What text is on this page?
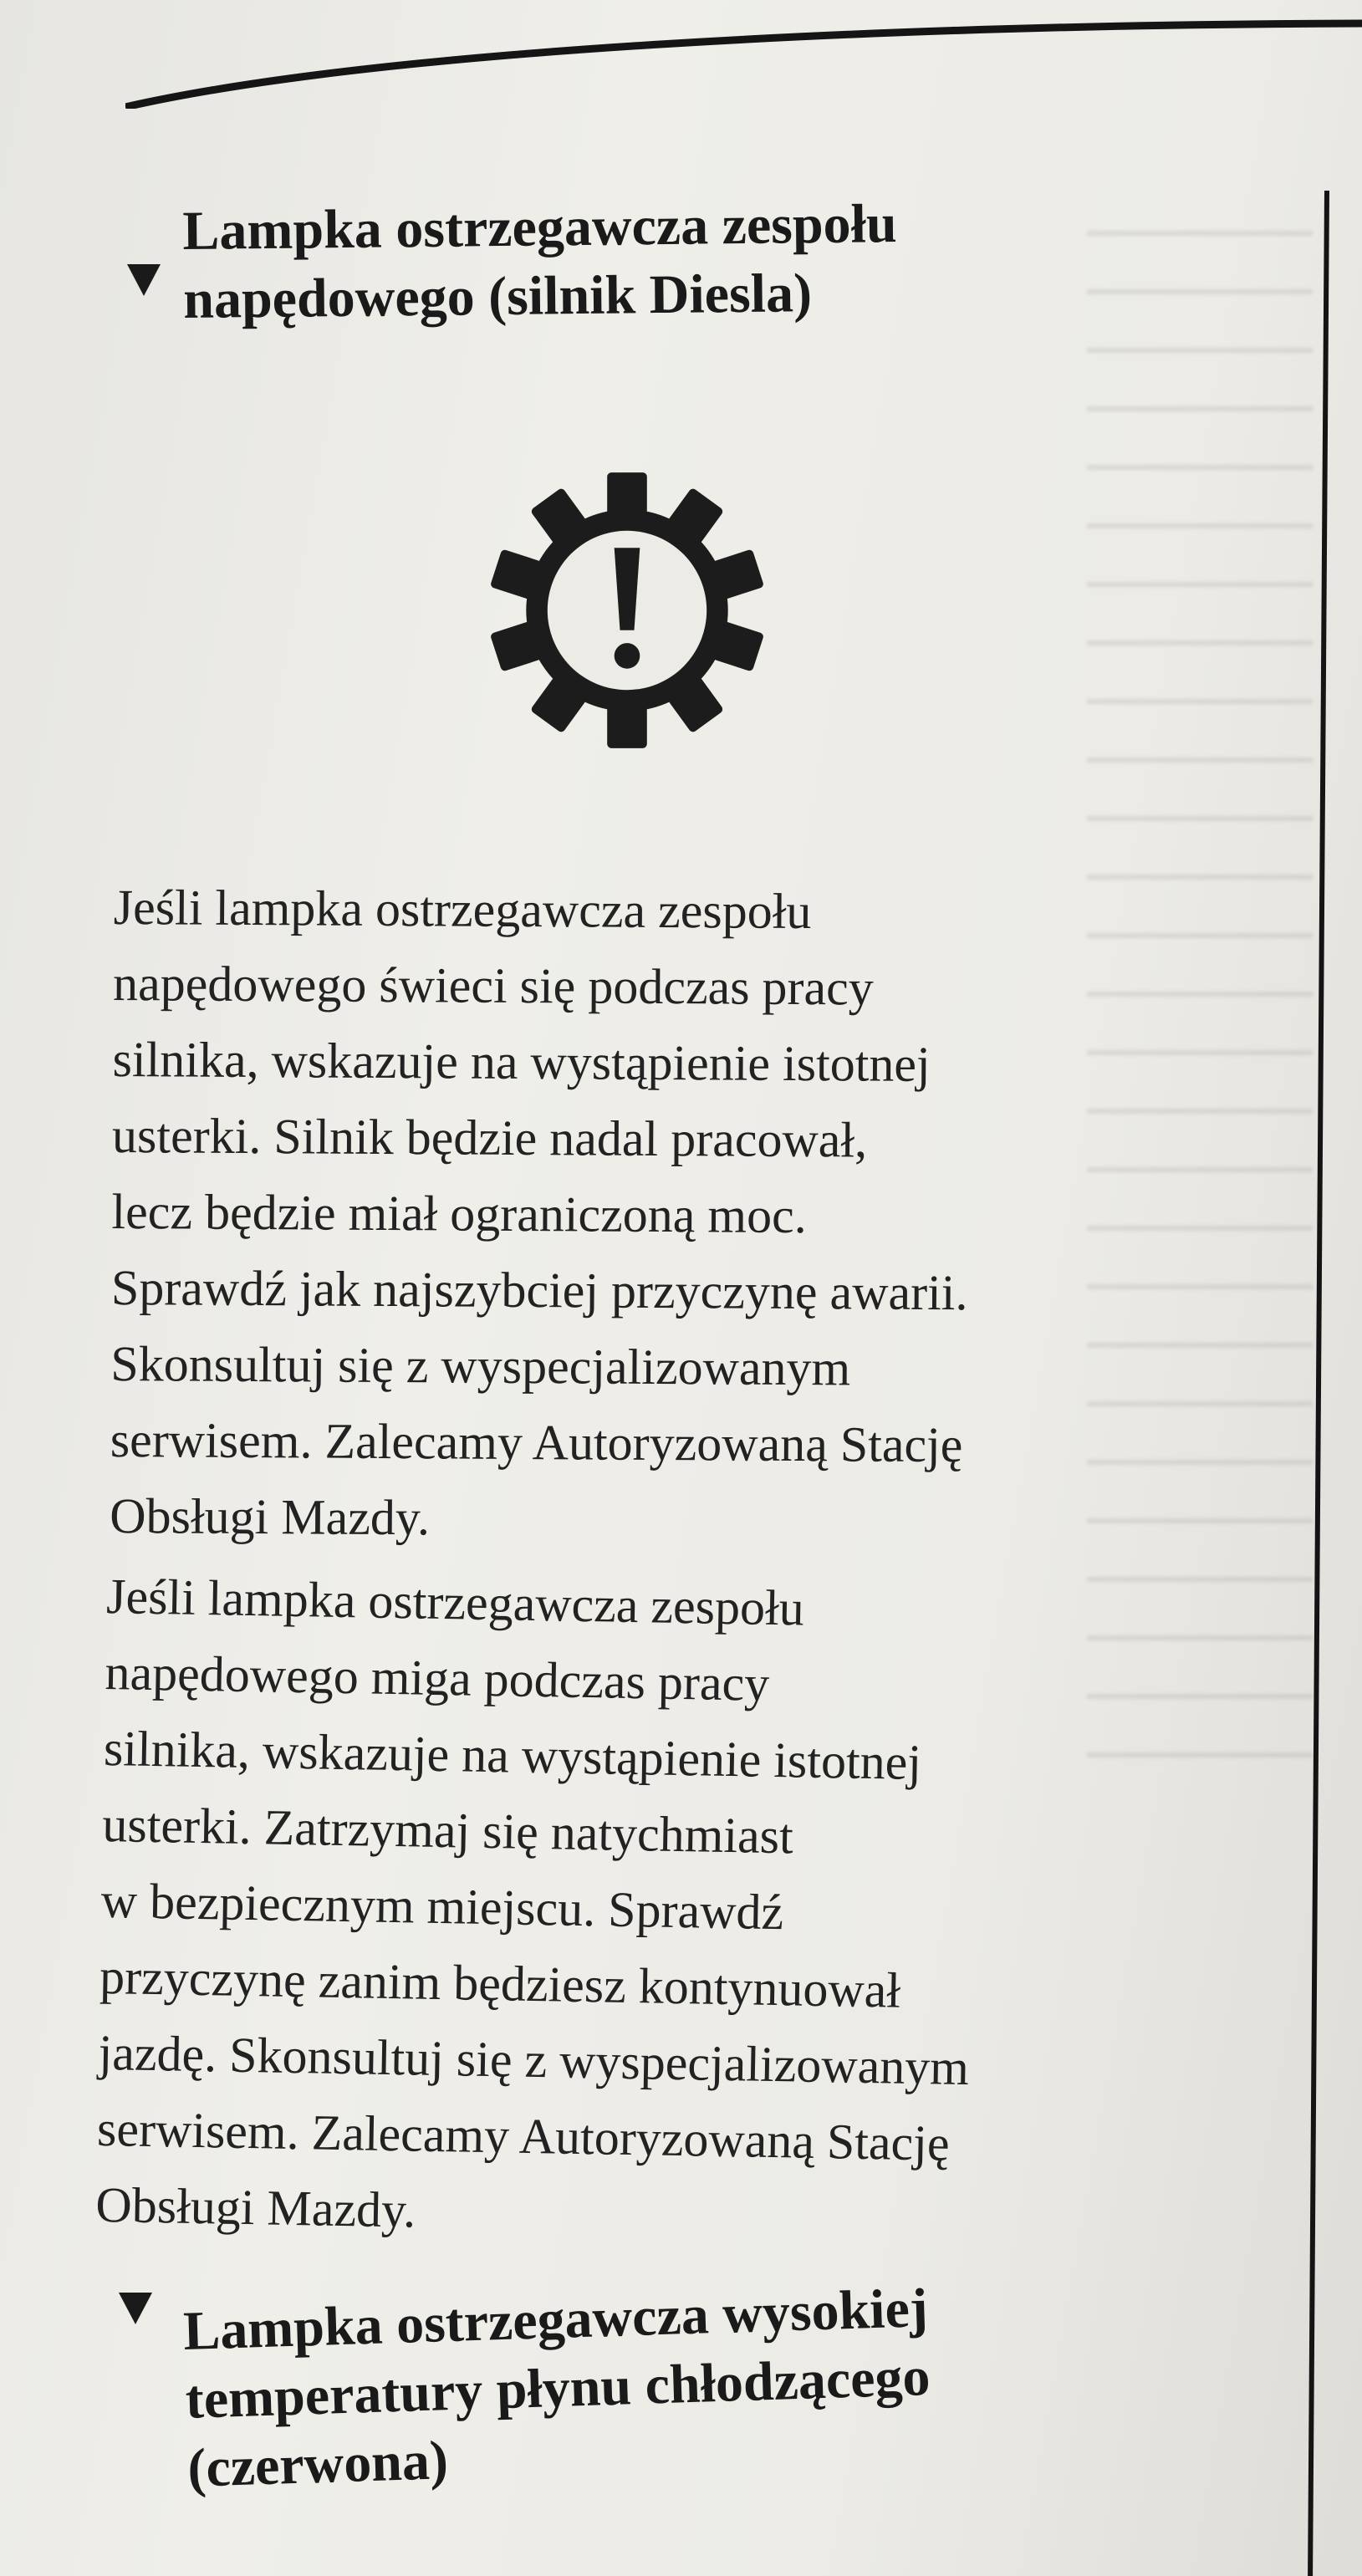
Lampka ostrzegawcza zespołu
napędowego (silnik Diesla)

Jeśli lampka ostrzegawcza zespołu
napędowego świeci się podczas pracy
silnika, wskazuje na wystąpienie istotnej
usterki. Silnik będzie nadal pracował,
lecz będzie miał ograniczoną moc.
Sprawdź jak najszybciej przyczynę awarii.
Skonsultuj się z wyspecjalizowanym
serwisem. Zalecamy Autoryzowaną Stację
Obsługi Mazdy.

Jeśli lampka ostrzegawcza zespołu
napędowego miga podczas pracy
silnika, wskazuje na wystąpienie istotnej
usterki. Zatrzymaj się natychmiast
w bezpiecznym miejscu. Sprawdź
przyczynę zanim będziesz kontynuował
jazdę. Skonsultuj się z wyspecjalizowanym
serwisem. Zalecamy Autoryzowaną Stację
Obsługi Mazdy.

Lampka ostrzegawcza wysokiej
temperatury płynu chłodzącego
(czerwona)
